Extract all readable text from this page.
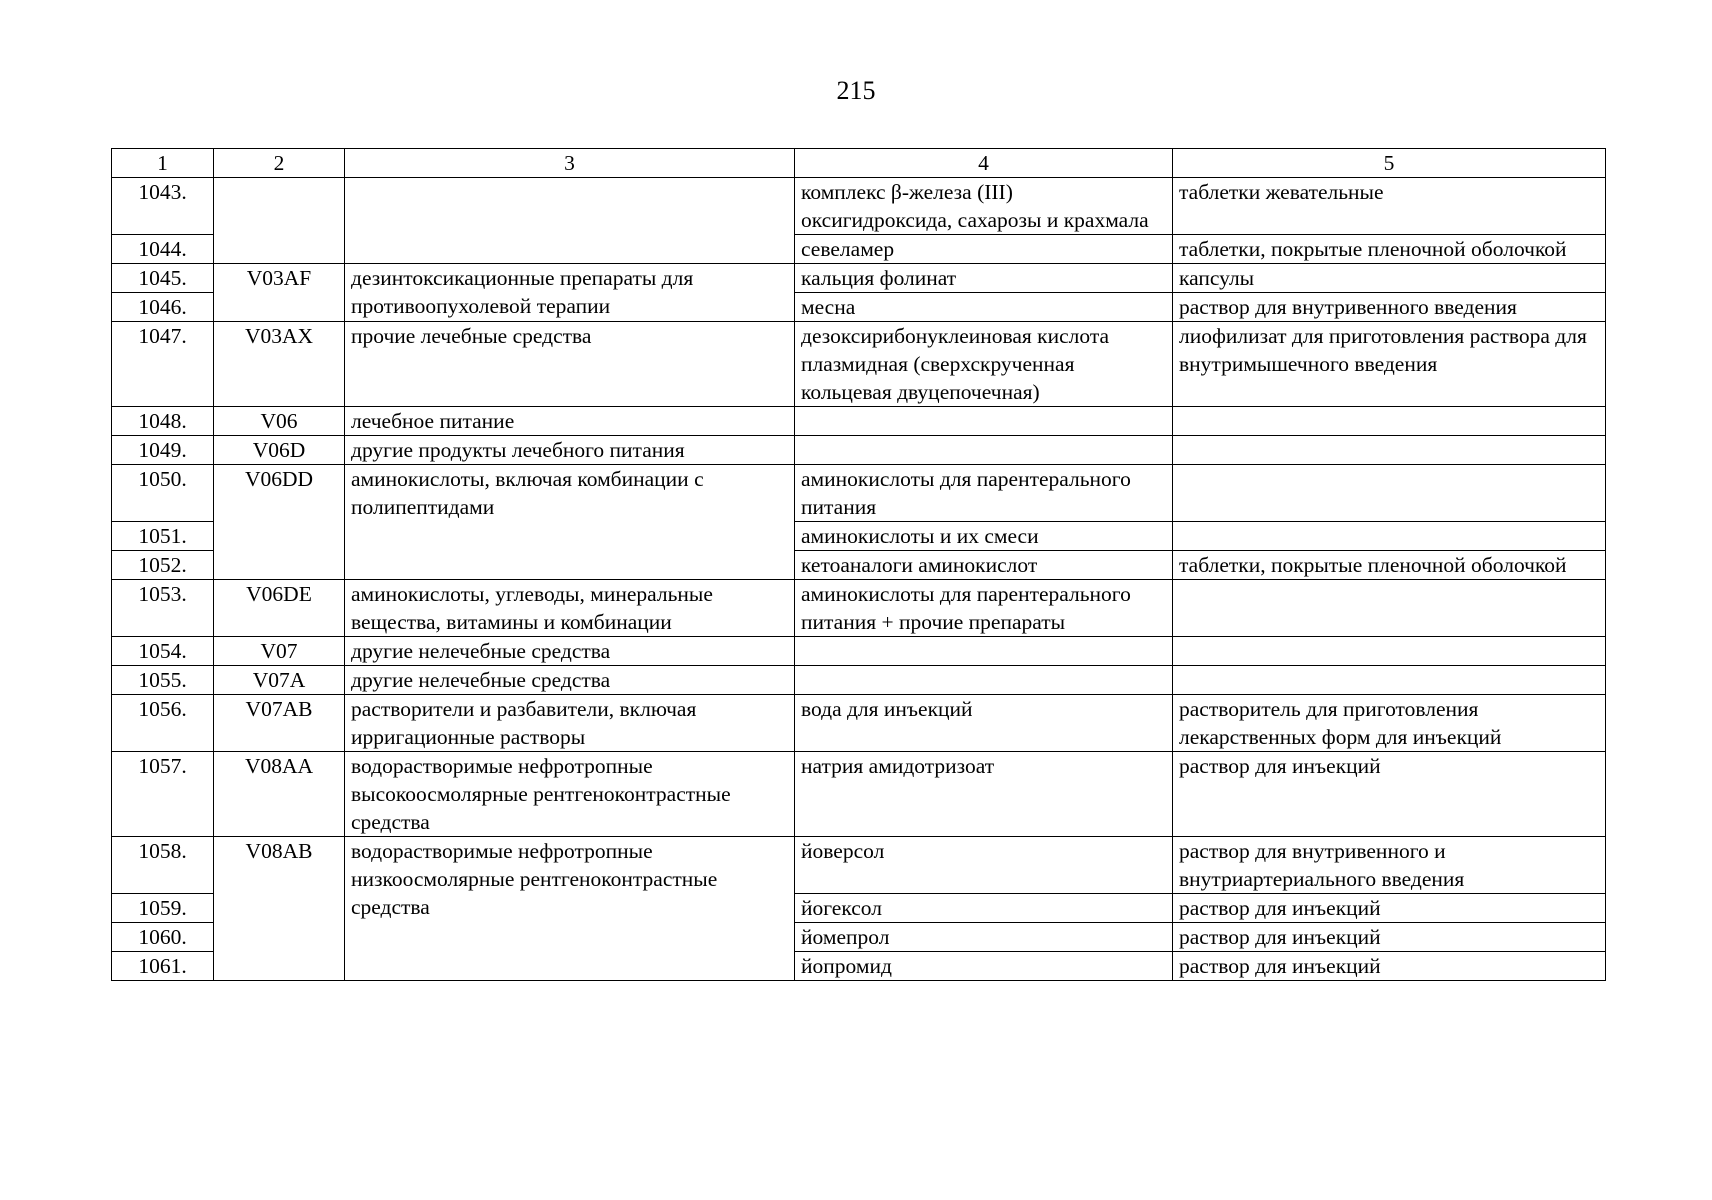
215
1	2	3	4	5
1043.			комплекс β-железа (III) оксигидроксида, сахарозы и крахмала	таблетки жевательные
1044.			севеламер	таблетки, покрытые пленочной оболочкой
1045.	V03AF	дезинтоксикационные препараты для противоопухолевой терапии	кальция фолинат	капсулы
1046.			месна	раствор для внутривенного введения
1047.	V03AX	прочие лечебные средства	дезоксирибонуклеиновая кислота плазмидная (сверхскрученная кольцевая двуцепочечная)	лиофилизат для приготовления раствора для внутримышечного введения
1048.	V06	лечебное питание		
1049.	V06D	другие продукты лечебного питания		
1050.	V06DD	аминокислоты, включая комбинации с полипептидами	аминокислоты для парентерального питания	
1051.			аминокислоты и их смеси	
1052.			кетоаналоги аминокислот	таблетки, покрытые пленочной оболочкой
1053.	V06DE	аминокислоты, углеводы, минеральные вещества, витамины и комбинации	аминокислоты для парентерального питания + прочие препараты	
1054.	V07	другие нелечебные средства		
1055.	V07A	другие нелечебные средства		
1056.	V07AB	растворители и разбавители, включая ирригационные растворы	вода для инъекций	растворитель для приготовления лекарственных форм для инъекций
1057.	V08AA	водорастворимые нефротропные высокоосмолярные рентгеноконтрастные средства	натрия амидотризоат	раствор для инъекций
1058.	V08AB	водорастворимые нефротропные низкоосмолярные рентгеноконтрастные средства	йоверсол	раствор для внутривенного и внутриартериального введения
1059.			йогексол	раствор для инъекций
1060.			йомепрол	раствор для инъекций
1061.			йопромид	раствор для инъекций
